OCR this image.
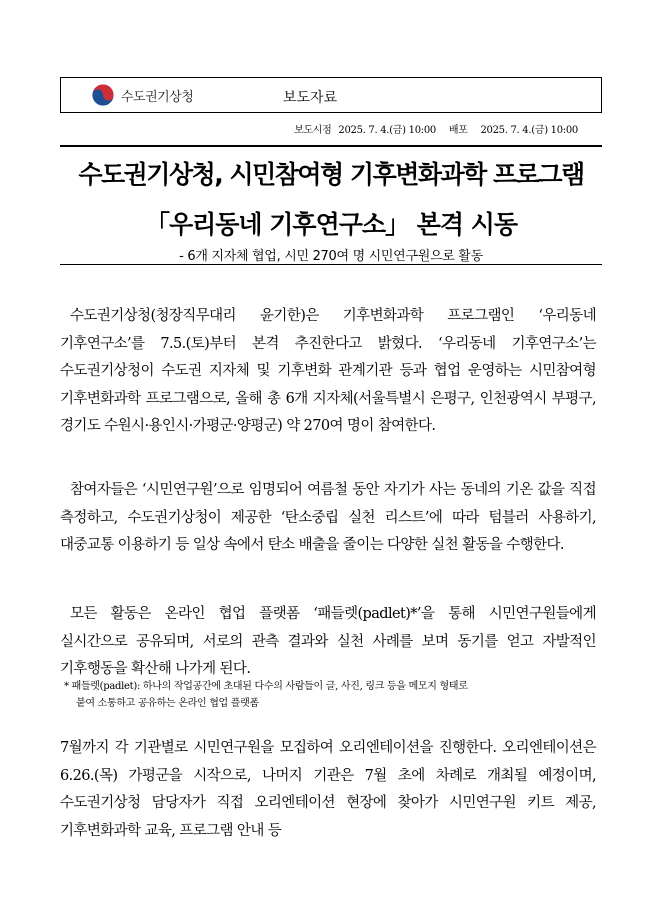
수도권기상청	보도자료
보도시점 2025. 7. 4.(금) 10:00 배포 2025. 7. 4.(금) 10:00
수도권기상청, 시민참여형 기후변화과학 프로그램
「우리동네 기후연구소」 본격 시동
- 6개 지자체 협업, 시민 270여 명 시민연구원으로 활동
수도권기상청(청장직무대리 윤기한)은 기후변화과학 프로그램인 ‘우리동네 기후연구소’를 7.5.(토)부터 본격 추진한다고 밝혔다. ‘우리동네 기후연구소’는 수도권기상청이 수도권 지자체 및 기후변화 관계기관 등과 협업 운영하는 시민참여형 기후변화과학 프로그램으로, 올해 총 6개 지자체(서울특별시 은평구, 인천광역시 부평구, 경기도 수원시·용인시·가평군·양평군) 약 270여 명이 참여한다.
참여자들은 ‘시민연구원’으로 임명되어 여름철 동안 자기가 사는 동네의 기온 값을 직접 측정하고, 수도권기상청이 제공한 ‘탄소중립 실천 리스트’에 따라 텀블러 사용하기, 대중교통 이용하기 등 일상 속에서 탄소 배출을 줄이는 다양한 실천 활동을 수행한다.
모든 활동은 온라인 협업 플랫폼 ‘패들렛(padlet)*’을 통해 시민연구원들에게 실시간으로 공유되며, 서로의 관측 결과와 실천 사례를 보며 동기를 얻고 자발적인 기후행동을 확산해 나가게 된다.
* 패들렛(padlet): 하나의 작업공간에 초대된 다수의 사람들이 글, 사진, 링크 등을 메모지 형태로
붙여 소통하고 공유하는 온라인 협업 플랫폼
7월까지 각 기관별로 시민연구원을 모집하여 오리엔테이션을 진행한다. 오리엔테이션은 6.26.(목) 가평군을 시작으로, 나머지 기관은 7월 초에 차례로 개최될 예정이며, 수도권기상청 담당자가 직접 오리엔테이션 현장에 찾아가 시민연구원 키트 제공, 기후변화과학 교육, 프로그램 안내 등
